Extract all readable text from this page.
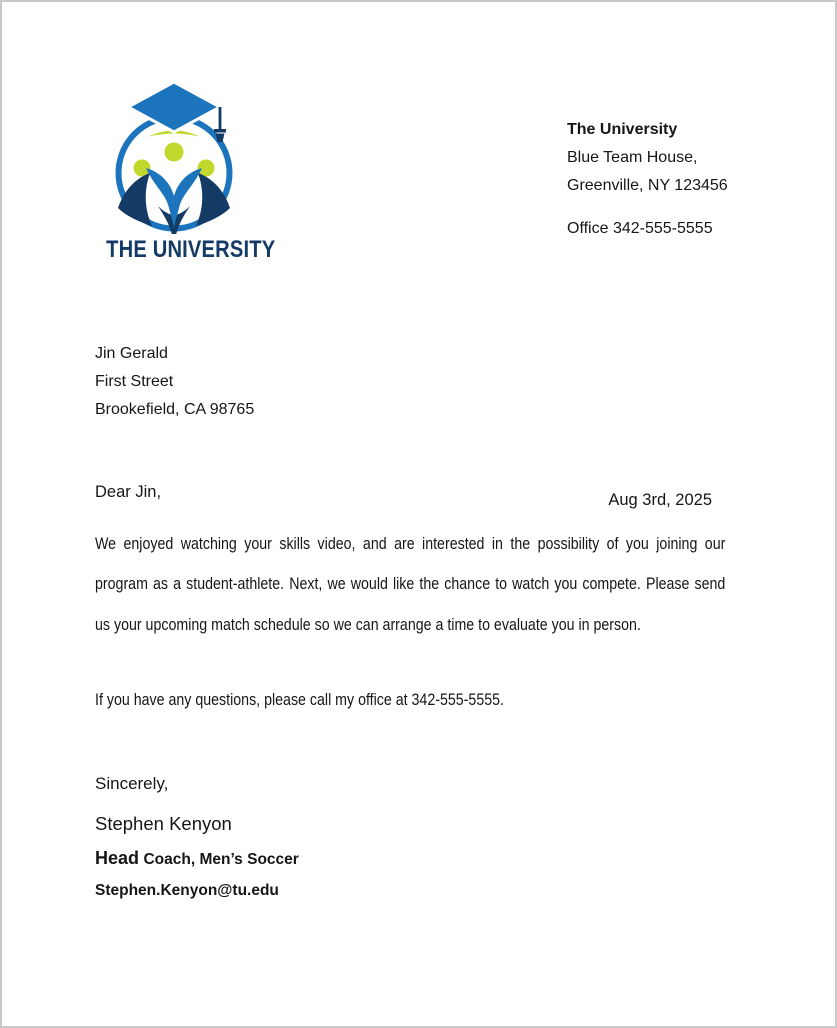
THE UNIVERSITY
The University
Blue Team House,
Greenville, NY 123456
Office 342-555-5555
Jin Gerald
First Street
Brookefield, CA 98765
Dear Jin,	Aug 3rd, 2025
We enjoyed watching your skills video, and are interested in the possibility of you joining our program as a student-athlete. Next, we would like the chance to watch you compete. Please send us your upcoming match schedule so we can arrange a time to evaluate you in person.
If you have any questions, please call my office at 342-555-5555.
Sincerely,
Stephen Kenyon
Head Coach, Men’s Soccer
Stephen.Kenyon@tu.edu
